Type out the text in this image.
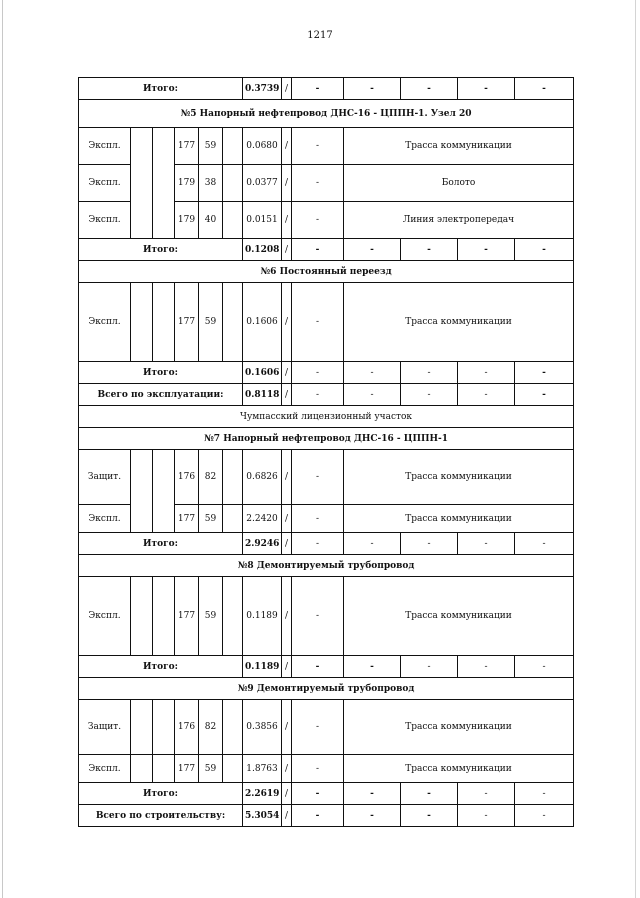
1217
Итого:						0.3739	/	-	-	-	-	-
№5 Напорный нефтепровод ДНС-16 - ЦППН-1. Узел 20												
Экспл.			177	59		0.0680	/	-	Трасса коммуникации			
Экспл.			179	38		0.0377	/	-	Болото			
Экспл.			179	40		0.0151	/	-	Линия электропередач			
Итого:						0.1208	/	-	-	-	-	-
№6 Постоянный переезд												
Экспл.			177	59		0.1606	/	-	Трасса коммуникации			
Итого:						0.1606	/	-	-	-	-	-
Всего по эксплуатации:						0.8118	/	-	-	-	-	-
Чумпасский лицензионный участок												
№7 Напорный нефтепровод ДНС-16 - ЦППН-1												
Защит.			176	82		0.6826	/	-	Трасса коммуникации			
Экспл.			177	59		2.2420	/	-	Трасса коммуникации			
Итого:						2.9246	/	-	-	-	-	-
№8 Демонтируемый трубопровод												
Экспл.			177	59		0.1189	/	-	Трасса коммуникации			
Итого:						0.1189	/	-	-	-	-	-
№9 Демонтируемый трубопровод												
Защит.			176	82		0.3856	/	-	Трасса коммуникации			
Экспл.			177	59		1.8763	/	-	Трасса коммуникации			
Итого:						2.2619	/	-	-	-	-	-
Всего по строительству:						5.3054	/	-	-	-	-	-
